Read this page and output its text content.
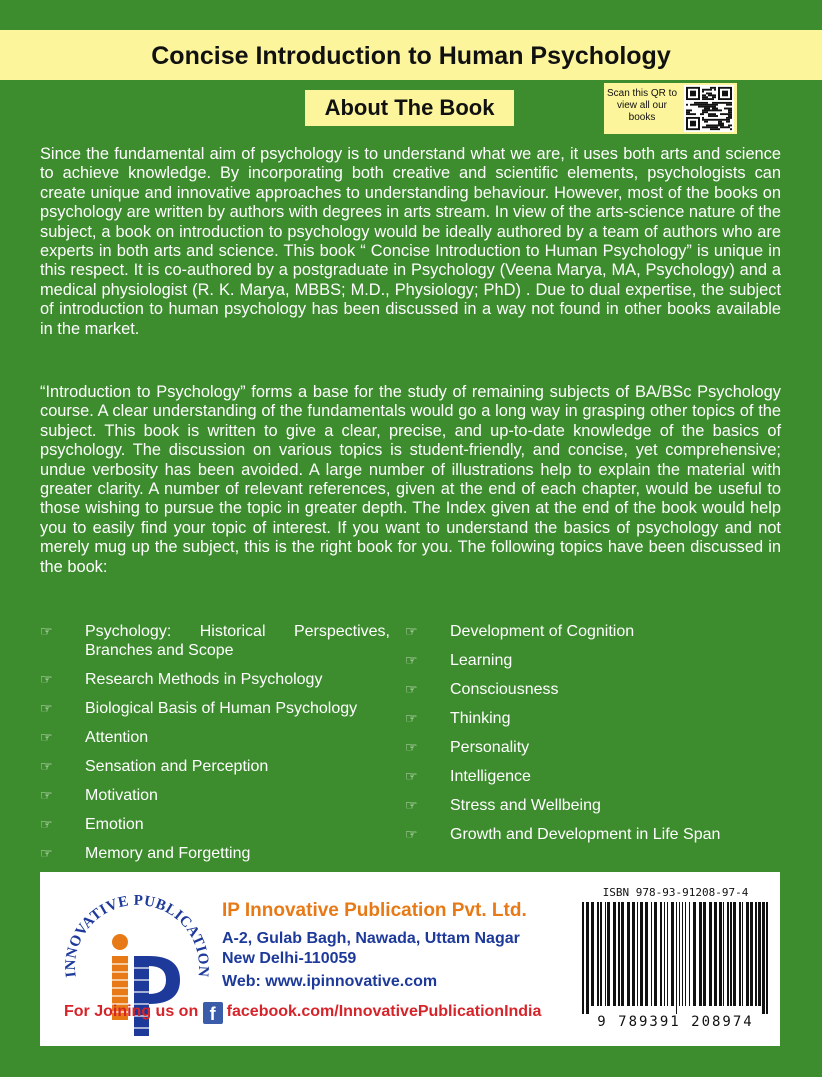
Concise Introduction to Human Psychology
About The Book
Scan this QR to view all our books

Since the fundamental aim of psychology is to understand what we are, it uses both arts and science to achieve knowledge. By incorporating both creative and scientific elements, psychologists can create unique and innovative approaches to understanding behaviour. However, most of the books on psychology are written by authors with degrees in arts stream. In view of the arts-science nature of the subject, a book on introduction to psychology would be ideally authored by a team of authors who are experts in both arts and science. This book “ Concise Introduction to Human Psychology” is unique in this respect. It is co-authored by a postgraduate in Psychology (Veena Marya, MA, Psychology) and a medical physiologist (R. K. Marya, MBBS; M.D., Physiology; PhD) . Due to dual expertise, the subject of introduction to human psychology has been discussed in a way not found in other books available in the market.

“Introduction to Psychology” forms a base for the study of remaining subjects of BA/BSc Psychology course. A clear understanding of the fundamentals would go a long way in grasping other topics of the subject. This book is written to give a clear, precise, and up-to-date knowledge of the basics of psychology. The discussion on various topics is student-friendly, and concise, yet comprehensive; undue verbosity has been avoided. A large number of illustrations help to explain the material with greater clarity. A number of relevant references, given at the end of each chapter, would be useful to those wishing to pursue the topic in greater depth. The Index given at the end of the book would help you to easily find your topic of interest. If you want to understand the basics of psychology and not merely mug up the subject, this is the right book for you. The following topics have been discussed in the book:

☞ Psychology: Historical Perspectives, Branches and Scope
☞ Research Methods in Psychology
☞ Biological Basis of Human Psychology
☞ Attention
☞ Sensation and Perception
☞ Motivation
☞ Emotion
☞ Memory and Forgetting
☞ Development of Cognition
☞ Learning
☞ Consciousness
☞ Thinking
☞ Personality
☞ Intelligence
☞ Stress and Wellbeing
☞ Growth and Development in Life Span
INNOVATIVE PUBLICATION
IP Innovative Publication Pvt. Ltd.
A-2, Gulab Bagh, Nawada, Uttam Nagar
New Delhi-110059
Web: www.ipinnovative.com
For Joining us on f facebook.com/InnovativePublicationIndia
ISBN 978-93-91208-97-4
9 789391 208974
